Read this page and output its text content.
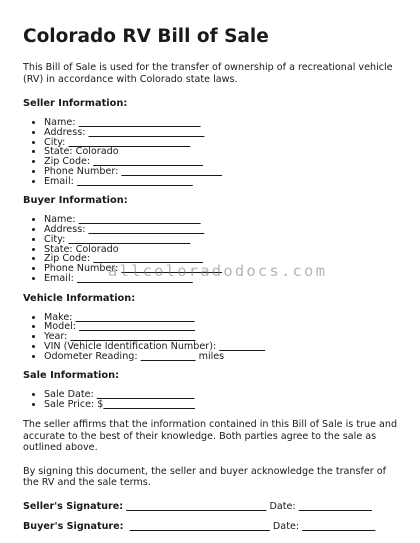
Colorado RV Bill of Sale

This Bill of Sale is used for the transfer of ownership of a recreational vehicle (RV) in accordance with Colorado state laws.

Seller Information:
• Name:
• Address:
• City:
• State: Colorado
• Zip Code:
• Phone Number:
• Email:
Buyer Information:
• Name:
• Address:
• City:
• State: Colorado
• Zip Code:
• Phone Number:
• Email:
Vehicle Information:
• Make:
• Model:
• Year:
• VIN (Vehicle Identification Number):
• Odometer Reading:	miles
Sale Information:
• Sale Date:
• Sale Price: $

The seller affirms that the information contained in this Bill of Sale is true and accurate to the best of their knowledge. Both parties agree to the sale as outlined above.

By signing this document, the seller and buyer acknowledge the transfer of the RV and the sale terms.

Seller's Signature:	Date:
Buyer's Signature:	Date:
allcoloradodocs.com
